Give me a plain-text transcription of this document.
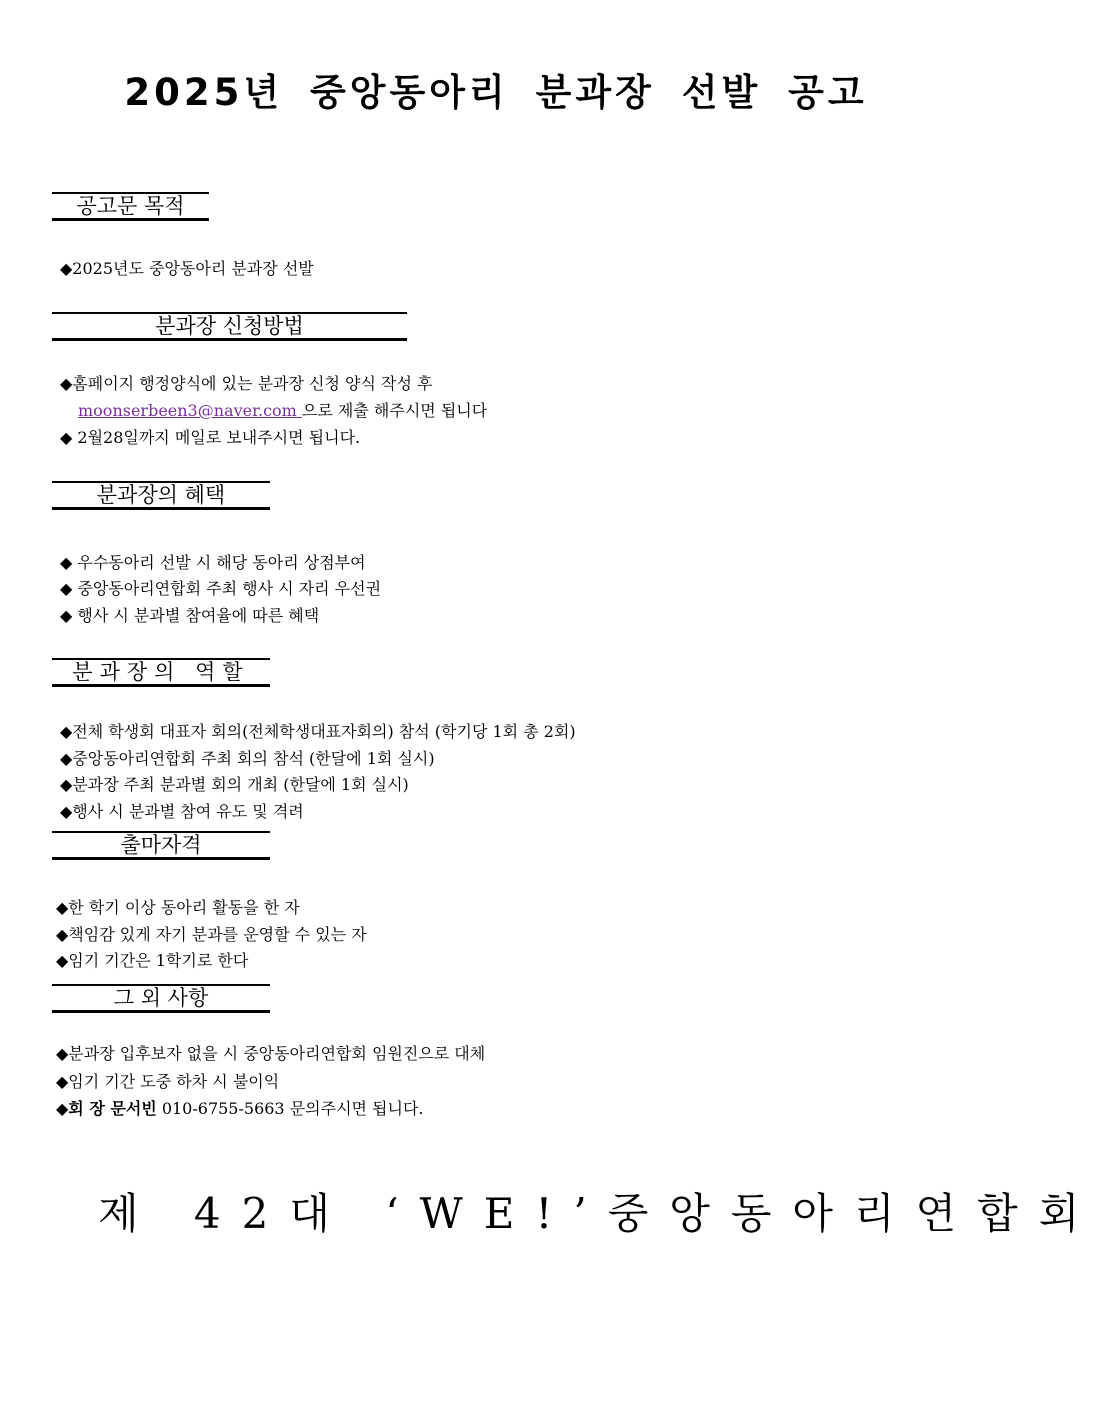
2025년 중앙동아리 분과장 선발 공고
공고문 목적
◆2025년도 중앙동아리 분과장 선발
분과장 신청방법
◆홈페이지 행정양식에 있는 분과장 신청 양식 작성 후
moonserbeen3@naver.com 으로 제출 해주시면 됩니다
◆ 2월28일까지 메일로 보내주시면 됩니다.
분과장의 혜택
◆ 우수동아리 선발 시 해당 동아리 상점부여
◆ 중앙동아리연합회 주최 행사 시 자리 우선권
◆ 행사 시 분과별 참여율에 따른 혜택
분과장의 역할
◆전체 학생회 대표자 회의(전체학생대표자회의) 참석 (학기당 1회 총 2회)
◆중앙동아리연합회 주최 회의 참석 (한달에 1회 실시)
◆분과장 주최 분과별 회의 개최 (한달에 1회 실시)
◆행사 시 분과별 참여 유도 및 격려
출마자격
◆한 학기 이상 동아리 활동을 한 자
◆책임감 있게 자기 분과를 운영할 수 있는 자
◆임기 기간은 1학기로 한다
그 외 사항
◆분과장 입후보자 없을 시 중앙동아리연합회 임원진으로 대체
◆임기 기간 도중 하차 시 불이익
◆회 장 문서빈 010-6755-5663 문의주시면 됩니다.
제 42대 ‘WE!’중앙동아리연합회
